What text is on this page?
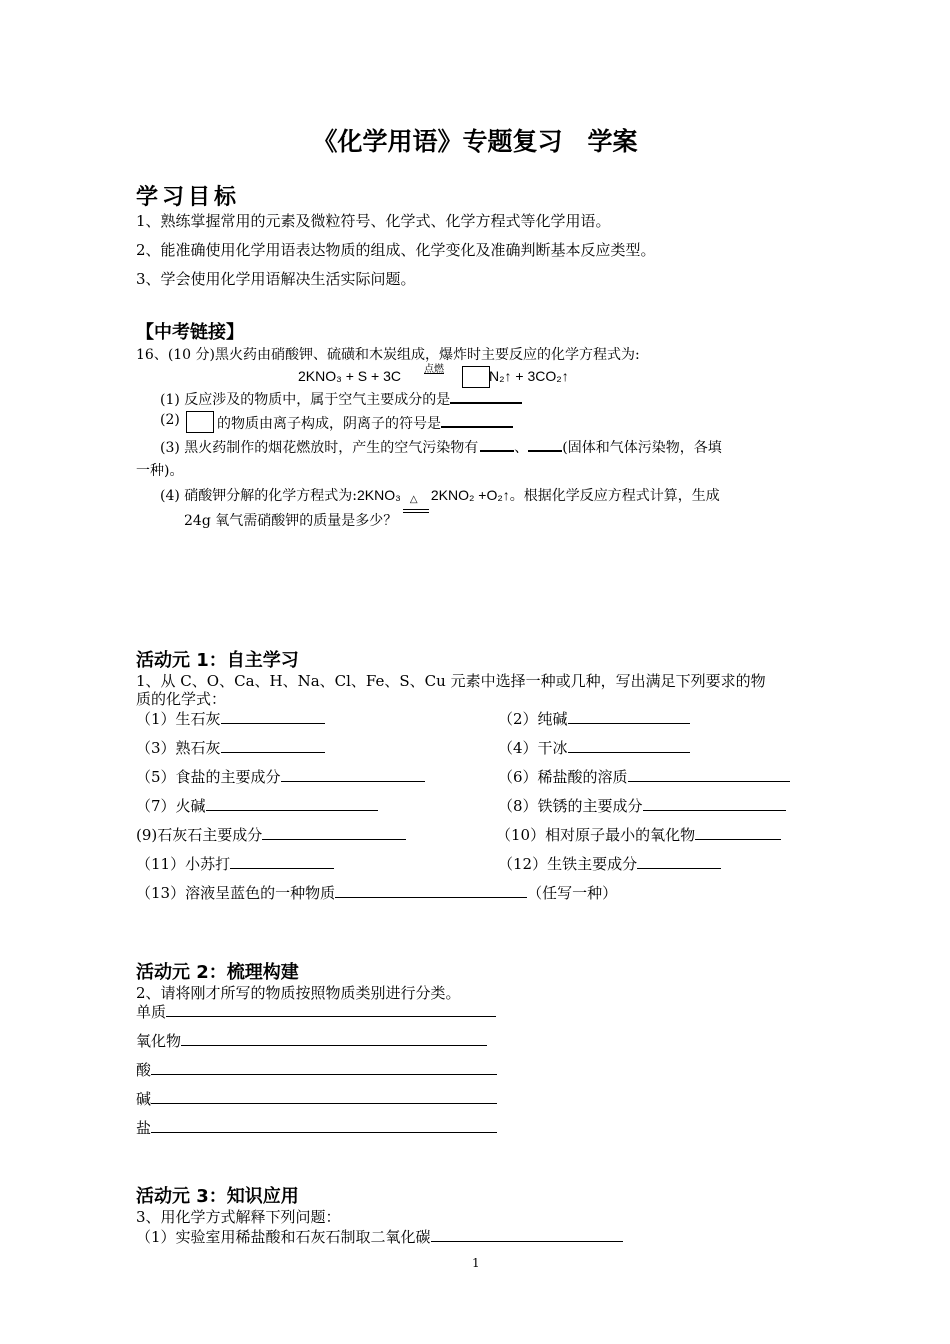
《化学用语》专题复习　学案
学习目标
1、熟练掌握常用的元素及微粒符号、化学式、化学方程式等化学用语。
2、能准确使用化学用语表达物质的组成、化学变化及准确判断基本反应类型。
3、学会使用化学用语解决生活实际问题。
【中考链接】
16、(10 分)黑火药由硝酸钾、硫磺和木炭组成，爆炸时主要反应的化学方程式为:
2KNO₃ + S + 3C 点燃	N₂↑ + 3CO₂↑
(1) 反应涉及的物质中，属于空气主要成分的是
(2)	的物质由离子构成，阴离子的符号是
(3) 黑火药制作的烟花燃放时，产生的空气污染物有	、 (固体和气体污染物，各填
一种)。
(4) 硝酸钾分解的化学方程式为:2KNO₃ △ 2KNO₂ +O₂↑。根据化学反应方程式计算，生成
24g 氧气需硝酸钾的质量是多少？
活动元 1：自主学习
1、从 C、O、Ca、H、Na、Cl、Fe、S、Cu 元素中选择一种或几种，写出满足下列要求的物
质的化学式：
（1）生石灰	（2）纯碱
（3）熟石灰	（4）干冰
（5）食盐的主要成分	（6）稀盐酸的溶质
（7）火碱	（8）铁锈的主要成分
(9)石灰石主要成分	（10）相对原子最小的氧化物
（11）小苏打	（12）生铁主要成分
（13）溶液呈蓝色的一种物质	（任写一种）
活动元 2：梳理构建
2、请将刚才所写的物质按照物质类别进行分类。
单质
氧化物
酸
碱
盐
活动元 3：知识应用
3、用化学方式解释下列问题：
（1）实验室用稀盐酸和石灰石制取二氧化碳
1
